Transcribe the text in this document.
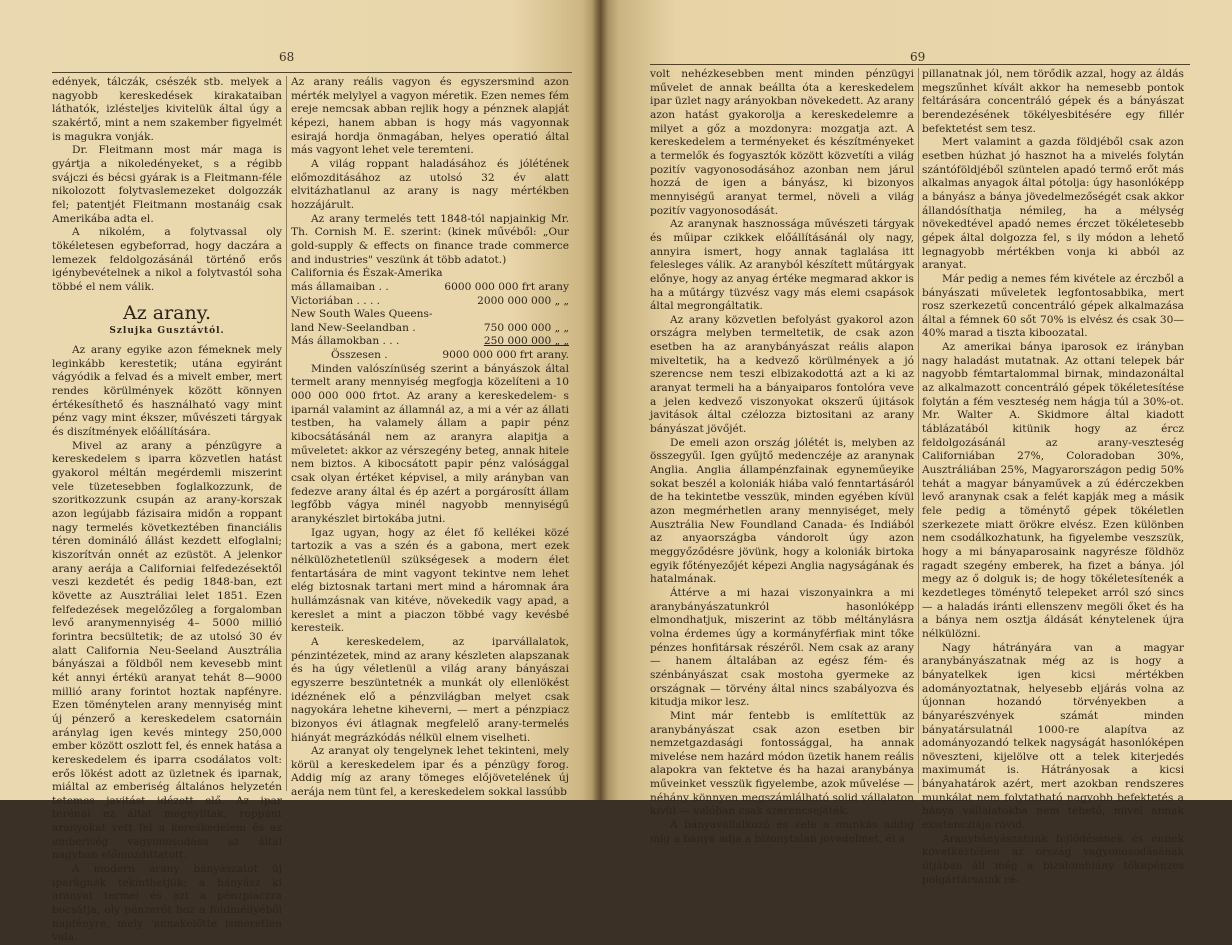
68

edények, tálczák, csészék stb. melyek a nagyobb kereskedések kirakataiban láthatók, izlésteljes kivitelük által úgy a szakértő, mint a nem szakember figyelmét is magukra vonják.

Dr. Fleitmann most már maga is gyártja a nikoledényeket, s a régibb svájczi és bécsi gyárak is a Fleitmann-féle nikolozott folytvaslemezeket dolgozzák fel; patentjét Fleitmann mostanáig csak Amerikába adta el.

A nikolém, a folytvassal oly tökéletesen egybeforrad, hogy daczára a lemezek feldolgozásánál történő erős igénybevételnek a nikol a folytvastól soha többé el nem válik.

Az arany.
Szlujka Gusztávtól.

Az arany egyike azon fémeknek mely leginkább kerestetik; utána egyiránt vágyódik a felvad és a mivelt ember, mert rendes körülmények között könnyen értékesíthető és használható vagy mint pénz vagy mint ékszer, művészeti tárgyak és diszítmények előállítására.

Mivel az arany a pénzügyre a kereskedelem s iparra közvetlen hatást gyakorol méltán megérdemli miszerint vele tüzetesebben foglalkozzunk, de szoritkozzunk csupán az arany-korszak azon legújabb fázisaira midőn a roppant nagy termelés következtében financiális téren domináló állást kezdett elfoglalni; kiszorítván onnét az ezüstöt. A jelenkor arany aerája a Californiai felfedezésektől veszi kezdetét és pedig 1848-ban, ezt követte az Ausztráliai lelet 1851. Ezen felfedezések megelőzőleg a forgalomban levő aranymennyiség 4– 5000 millió forintra becsültetik; de az utolsó 30 év alatt California Neu-Seeland Ausztrália bányászai a földből nem kevesebb mint két annyi értékü aranyat tehát 8—9000 millió arany forintot hoztak napfényre. Ezen töménytelen arany mennyiség mint új pénzerő a kereskedelem csatornáin aránylag igen kevés mintegy 250,000 ember között oszlott fel, és ennek hatása a kereskedelem és iparra csodálatos volt: erős lökést adott az üzletnek és iparnak, miáltal az emberiség általános helyzetén tetemes javitást idézett elő. Az ipar terénai ez által megnyiltak, roppant aranyokat vett fel a kereskedelem és az emberiség vagyonosodása az által nagyban előmozdittatott.

A modern arany bányászatot új iparágnak tekinthetjük; a bányász ki aranyat termel és azt a pénzpiaczra bocsátja, oly pénzerőt hoz a földméllyéből napfényre, mely 'annakelőtte ismeretlen vala.

Az arany reális vagyon és egyszersmind azon mérték melylyel a vagyon méretik. Ezen nemes fém ereje nemcsak abban rejlik hogy a pénznek alapját képezi, hanem abban is hogy más vagyonnak esirajá hordja önmagában, helyes operatió által más vagyont lehet vele teremteni.

A világ roppant haladásához és jólétének előmozditásához az utolsó 32 év alatt elvitázhatlanul az arany is nagy mértékben hozzájárult.

Az arany termelés tett 1848-tól napjainkig Mr. Th. Cornish M. E. szerint: (kinek művéből: „Our gold-supply & effects on finance trade commerce and industries" veszünk át több adatot.)

California és Észak-Amerika
más államaiban . .	6000 000 000 frt arany
Victoriában . . . .	2000 000 000 „ „
New South Wales Queens-
land New-Seelandban .	750 000 000 „ „
Más államokban . . .	250 000 000 „ „
Összesen .	9000 000 000 frt arany.

Minden valószínüség szerint a bányászok által termelt arany mennyiség megfogja közelíteni a 10 000 000 000 frtot. Az arany a kereskedelem- s iparnál valamint az államnál az, a mi a vér az állati testben, ha valamely állam a papir pénz kibocsátásánál nem az aranyra alapitja a műveletet: akkor az vérszegény beteg, annak hitele nem biztos. A kibocsátott papir pénz valósággal csak olyan értéket képvisel, a mily arányban van fedezve arany által és ép azért a porgárosítt állam legfőbb vágya minél nagyobb mennyiségű aranykészlet birtokába jutni.

Igaz ugyan, hogy az élet fő kellékei közé tartozik a vas a szén és a gabona, mert ezek nélkülözhetetlenül szükségesek a modern élet fentartására de mint vagyont tekintve nem lehet elég biztosnak tartani mert mind a háromnak ára hullámzásnak van kitéve, növekedik vagy apad, a kereslet a mint a piaczon többé vagy kevésbé keresteik.

A kereskedelem, az iparvállalatok, pénzintézetek, mind az arany készleten alapszanak és ha úgy véletlenül a világ arany bányászai egyszerre beszüntetnék a munkát oly ellenlökést idéznének elő a pénzvilágban melyet csak nagyokára lehetne kiheverni, — mert a pénzpiacz bizonyos évi átlagnak megfelelő arany-termelés hiányát megrázkódás nélkül elnem viselheti.

Az aranyat oly tengelynek lehet tekinteni, mely körül a kereskedelem ipar és a pénzügy forog. Addig míg az arany tömeges előjövetelének új aerája nem tünt fel, a kereskedelem sokkal lassúbb

69

volt nehézkesebben ment minden pénzügyi művelet de annak beállta óta a kereskedelem ipar üzlet nagy arányokban növekedett. Az arany azon hatást gyakorolja a kereskedelemre a milyet a gőz a mozdonyra: mozgatja azt. A kereskedelem a terményeket és készítményeket a termelők és fogyasztók között közvetíti a világ pozitív vagyonosodásához azonban nem járul hozzá de igen a bányász, ki bizonyos mennyiségű aranyat termel, növeli a világ pozitív vagyonosodását.

Az aranynak hasznossága művészeti tárgyak és műipar czikkek előállításánál oly nagy, annyira ismert, hogy annak taglalása itt felesleges válik. Az aranyból készített műtárgyak előnye, hogy az anyag értéke megmarad akkor is ha a műtárgy tüzvész vagy más elemi csapások által megrongáltatik.

Az arany közvetlen befolyást gyakorol azon országra melyben termeltetik, de csak azon esetben ha az aranybányászat reális alapon miveltetik, ha a kedvező körülmények a jó szerencse nem teszi elbizakodottá azt a ki az aranyat termeli ha a bányaiparos fontolóra veve a jelen kedvező viszonyokat okszerű újitások javitások által czélozza biztositani az arany bányászat jövőjét.

De emeli azon ország jólétét is, melyben az összegyűl. Igen gyűjtő medenczéje az aranynak Anglia. Anglia állampénzfainak egyneműeyike sokat beszél a koloniák hiába való fenntartásáról de ha tekintetbe vesszük, minden egyében kívül azon megmérhetlen arany mennyiséget, mely Ausztrália New Foundland Canada- és Indiából az anyaországba vándorolt úgy azon meggyőződésre jövünk, hogy a koloniák birtoka egyik főtényezőjét képezi Anglia nagyságának és hatalmának.

Áttérve a mi hazai viszonyainkra a mi aranybányászatunkról hasonlóképp elmondhatjuk, miszerint az több méltánylásra volna érdemes úgy a kormányférfiak mint tőke pénzes honfitársak részéről. Nem csak az arany — hanem általában az egész fém- és szénbányászat csak mostoha gyermeke az országnak — törvény által nincs szabályozva és kitudja mikor lesz.

Mint már fentebb is említettük az aranybányászat csak azon esetben bir nemzetgazdasági fontossággal, ha annak mivelése nem hazárd módon üzetik hanem reális alapokra van fektetve és ha hazai aranybánya műveinket vesszük figyelembe, azok művelése — néhány könnyen megszámlálható solid vállalaton kívül — valóban csak szerencsejáték.

A bányavállalkozó és vele a munkás addig míg a bánya adja a bizonytalan jövedelmet, él a

pillanatnak jól, nem törődik azzal, hogy az áldás megszűnhet kívált akkor ha nemesebb pontok feltárására concentráló gépek és a bányászat berendezésének tökélyesbitésére egy fillér befektetést sem tesz.

Mert valamint a gazda földjéből csak azon esetben húzhat jó hasznot ha a mivelés folytán szántóföldjéből szüntelen apadó termő erőt más alkalmas anyagok által pótolja: úgy hasonlóképp a bányász a bánya jövedelmezőségét csak akkor állandósíthatja némileg, ha a mélység növekedtével apadó nemes érczet tökéletesebb gépek által dolgozza fel, s ily módon a lehető legnagyobb mértékben vonja ki abból az aranyat.

Már pedig a nemes fém kivétele az érczből a bányászati műveletek legfontosabbika, mert rosz szerkezetű concentráló gépek alkalmazása által a fémnek 60 sőt 70% is elvész és csak 30—40% marad a tiszta kiboozatal.

Az amerikai bánya iparosok ez irányban nagy haladást mutatnak. Az ottani telepek bár nagyobb fémtartalommal birnak, mindazonáltal az alkalmazott concentráló gépek tökéletesítése folytán a fém veszteség nem hágja túl a 30%-ot. Mr. Walter A. Skidmore által kiadott táblázatából kitünik hogy az ércz feldolgozásánál az arany-veszteség Californiában 27%, Coloradoban 30%, Ausztráliában 25%, Magyarországon pedig 50% tehát a magyar bányaművek a zú édérczekben levő aranynak csak a felét kapják meg a másik fele pedig a töménytő gépek tökéletlen szerkezete miatt örökre elvész. Ezen különben nem csodálkozhatunk, ha figyelembe veszszük, hogy a mi bányaparosaink nagyrésze földhöz ragadt szegény emberek, ha fizet a bánya. jól megy az ő dolguk is; de hogy tökéletesítenék a kezdetleges töménytő telepeket arról szó sincs — a haladás iránti ellenszenv megöli őket és ha a bánya nem osztja áldását kénytelenek újra nélkülözni.

Nagy hátrányára van a magyar aranybányászatnak még az is hogy a bányatelkek igen kicsi mértékben adományoztatnak, helyesebb eljárás volna az újonnan hozandó törvényekben a bányarészvények számát minden bányatársulatnál 1000-re alapítva az adományozandó telkek nagyságát hasonlóképen növeszteni, kijelölve ott a telek kiterjedés maximumát is. Hátrányosak a kicsi bányahatárok azért, mert azokban rendszeres munkálat nem folytatható nagyobb befektetés a bánya vállalatokba nem tehető, mivel annak existencziája rövid.

Aranybányászatunk fejlődésének és ennek következtében az ország vagyonosodásának útjában áll még a bizalomhiány tőkepénzes polgártársaink ré-
